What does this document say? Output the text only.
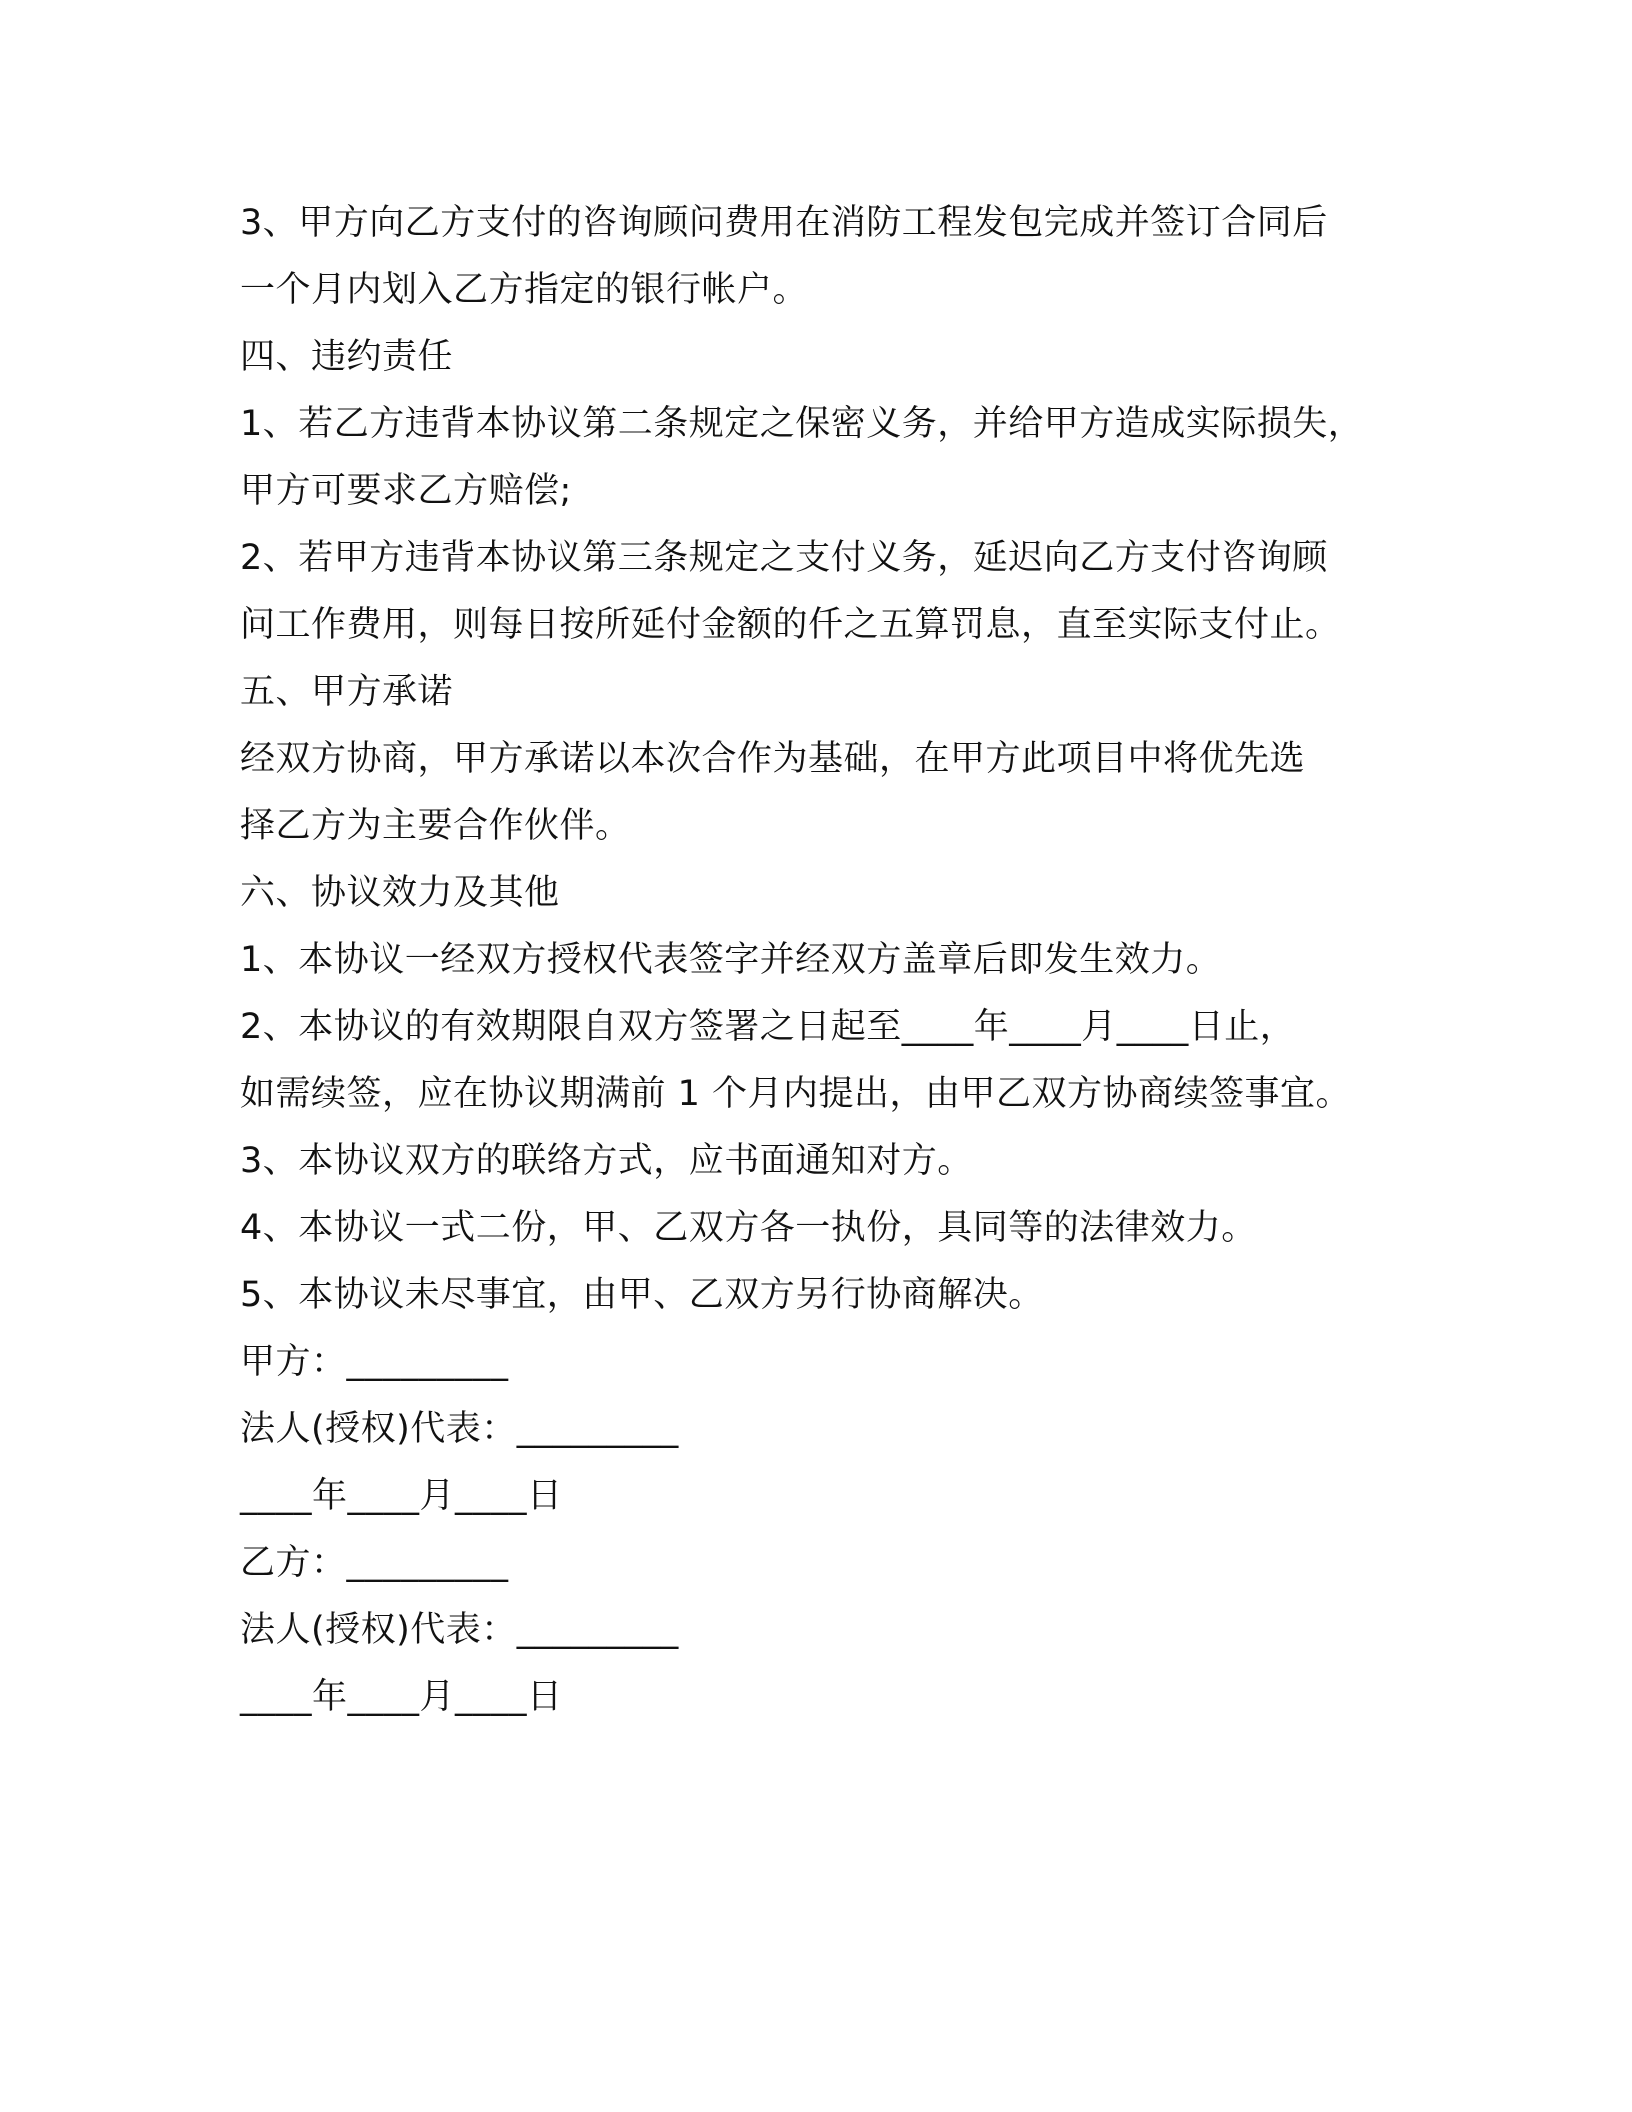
3、甲方向乙方支付的咨询顾问费用在消防工程发包完成并签订合同后
一个月内划入乙方指定的银行帐户。
四、违约责任
1、若乙方违背本协议第二条规定之保密义务，并给甲方造成实际损失，
甲方可要求乙方赔偿;
2、若甲方违背本协议第三条规定之支付义务，延迟向乙方支付咨询顾
问工作费用，则每日按所延付金额的仟之五算罚息，直至实际支付止。
五、甲方承诺
经双方协商，甲方承诺以本次合作为基础，在甲方此项目中将优先选
择乙方为主要合作伙伴。
六、协议效力及其他
1、本协议一经双方授权代表签字并经双方盖章后即发生效力。
2、本协议的有效期限自双方签署之日起至____年____月____日止，
如需续签，应在协议期满前 1 个月内提出，由甲乙双方协商续签事宜。
3、本协议双方的联络方式，应书面通知对方。
4、本协议一式二份，甲、乙双方各一执份，具同等的法律效力。
5、本协议未尽事宜，由甲、乙双方另行协商解决。
甲方：_________
法人(授权)代表：_________
____年____月____日
乙方：_________
法人(授权)代表：_________
____年____月____日
